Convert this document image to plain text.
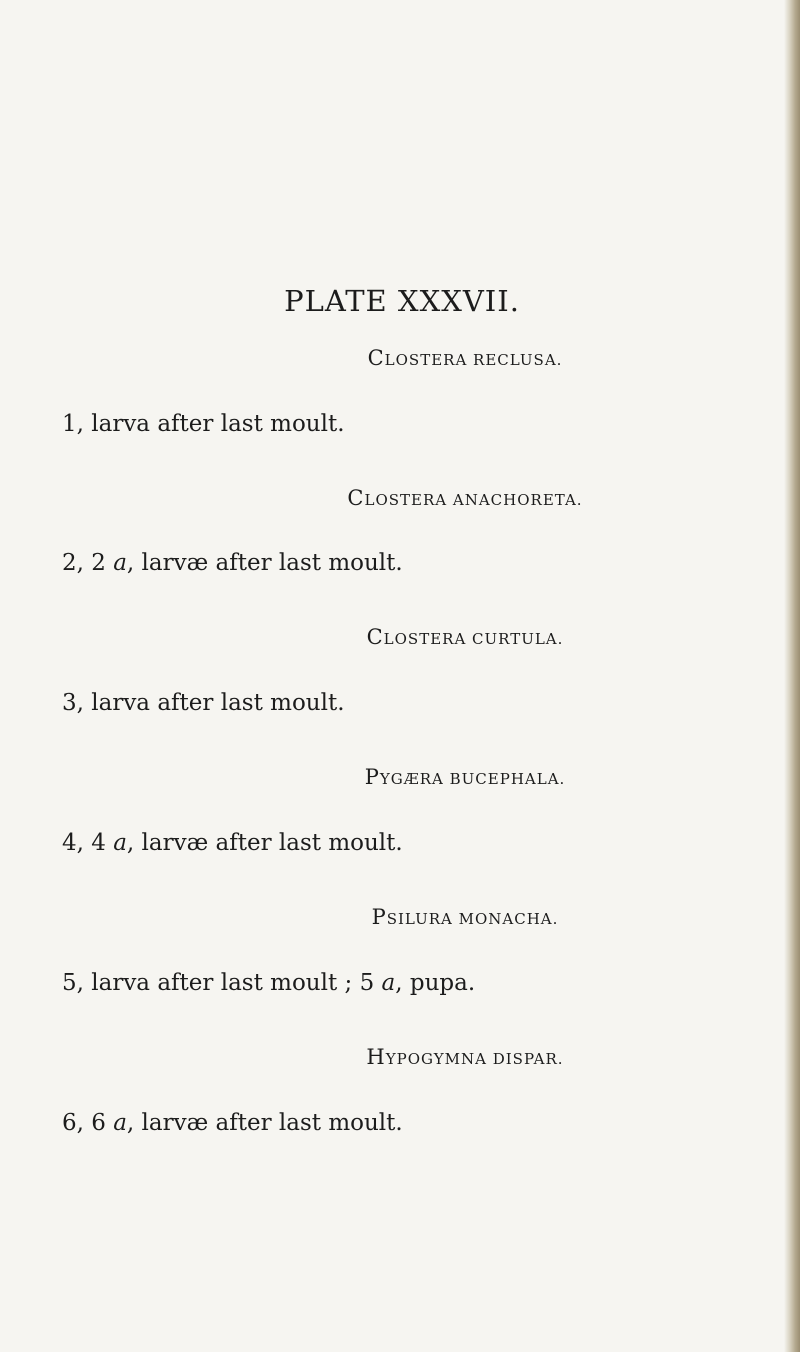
PLATE XXXVII.
CLOSTERA RECLUSA.
1, larva after last moult.
CLOSTERA ANACHORETA.
2, 2 a, larvæ after last moult.
CLOSTERA CURTULA.
3, larva after last moult.
PYGÆRA BUCEPHALA.
4, 4 a, larvæ after last moult.
PSILURA MONACHA.
5, larva after last moult ; 5 a, pupa.
HYPOGYMNA DISPAR.
6, 6 a, larvæ after last moult.
